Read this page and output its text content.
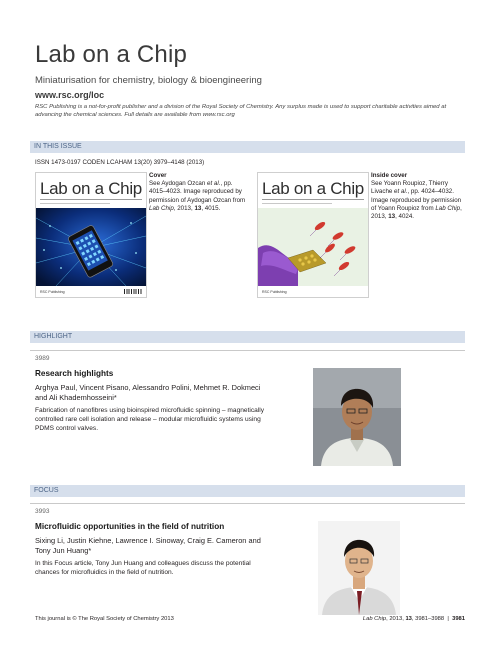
Lab on a Chip
Miniaturisation for chemistry, biology & bioengineering
www.rsc.org/loc
RSC Publishing is a not-for-profit publisher and a division of the Royal Society of Chemistry. Any surplus made is used to support charitable activities aimed at advancing the chemical sciences. Full details are available from www.rsc.org
IN THIS ISSUE
ISSN 1473-0197 CODEN LCAHAM 13(20) 3979–4148 (2013)
Lab on a Chip
RSC Publishing
Cover
See Aydogan Ozcan et al., pp. 4015–4023. Image reproduced by permission of Aydogan Ozcan from Lab Chip, 2013, 13, 4015.
Lab on a Chip
RSC Publishing
Inside cover
See Yoann Roupioz, Thierry Livache et al., pp. 4024–4032. Image reproduced by permission of Yoann Roupioz from Lab Chip, 2013, 13, 4024.
HIGHLIGHT
3989
Research highlights
Arghya Paul, Vincent Pisano, Alessandro Polini, Mehmet R. Dokmeci and Ali Khademhosseini*
Fabrication of nanofibres using bioinspired microfluidic spinning – magnetically controlled rare cell isolation and release – modular microfluidic systems using PDMS control valves.
FOCUS
3993
Microfluidic opportunities in the field of nutrition
Sixing Li, Justin Kiehne, Lawrence I. Sinoway, Craig E. Cameron and Tony Jun Huang*
In this Focus article, Tony Jun Huang and colleagues discuss the potential chances for microfluidics in the field of nutrition.
This journal is © The Royal Society of Chemistry 2013	Lab Chip, 2013, 13, 3981–3988  |  3981
